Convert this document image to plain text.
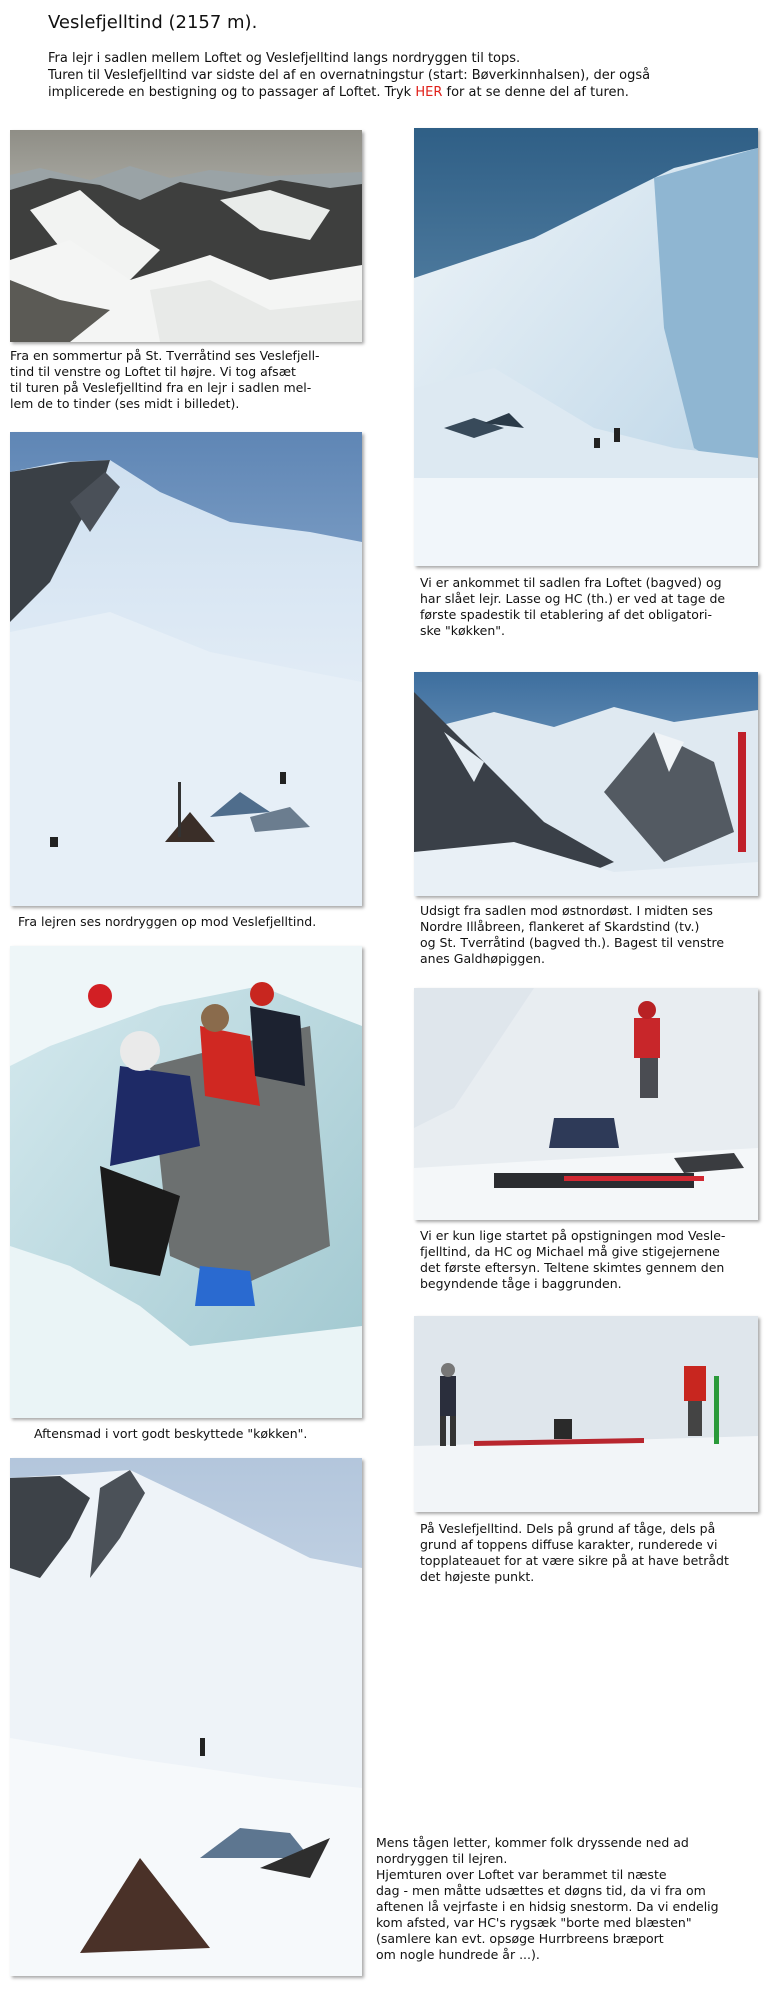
Veslefjelltind (2157 m).
Fra lejr i sadlen mellem Loftet og Veslefjelltind langs nordryggen til tops.
Turen til Veslefjelltind var sidste del af en overnatningstur (start: Bøverkinnhalsen), der også
implicerede en bestigning og to passager af Loftet. Tryk HER for at se denne del af turen.
Fra en sommertur på St. Tverråtind ses Veslefjell-
tind til venstre og Loftet til højre. Vi tog afsæt
til turen på Veslefjelltind fra en lejr i sadlen mel-
lem de to tinder (ses midt i billedet).
Vi er ankommet til sadlen fra Loftet (bagved) og
har slået lejr. Lasse og HC (th.) er ved at tage de
første spadestik til etablering af det obligatori-
ske "køkken".
Fra lejren ses nordryggen op mod Veslefjelltind.
Udsigt fra sadlen mod østnordøst. I midten ses
Nordre Illåbreen, flankeret af Skardstind (tv.)
og St. Tverråtind (bagved th.). Bagest til venstre
anes Galdhøpiggen.
Vi er kun lige startet på opstigningen mod Vesle-
fjelltind, da HC og Michael må give stigejernene
det første eftersyn. Teltene skimtes gennem den
begyndende tåge i baggrunden.
Aftensmad i vort godt beskyttede "køkken".
På Veslefjelltind. Dels på grund af tåge, dels på
grund af toppens diffuse karakter, runderede vi
topplateauet for at være sikre på at have betrådt
det højeste punkt.
Mens tågen letter, kommer folk dryssende ned ad
nordryggen til lejren.
Hjemturen over Loftet var berammet til næste
dag - men måtte udsættes et døgns tid, da vi fra om
aftenen lå vejrfaste i en hidsig snestorm. Da vi endelig
kom afsted, var HC's rygsæk "borte med blæsten"
(samlere kan evt. opsøge Hurrbreens bræport
om nogle hundrede år ...).
